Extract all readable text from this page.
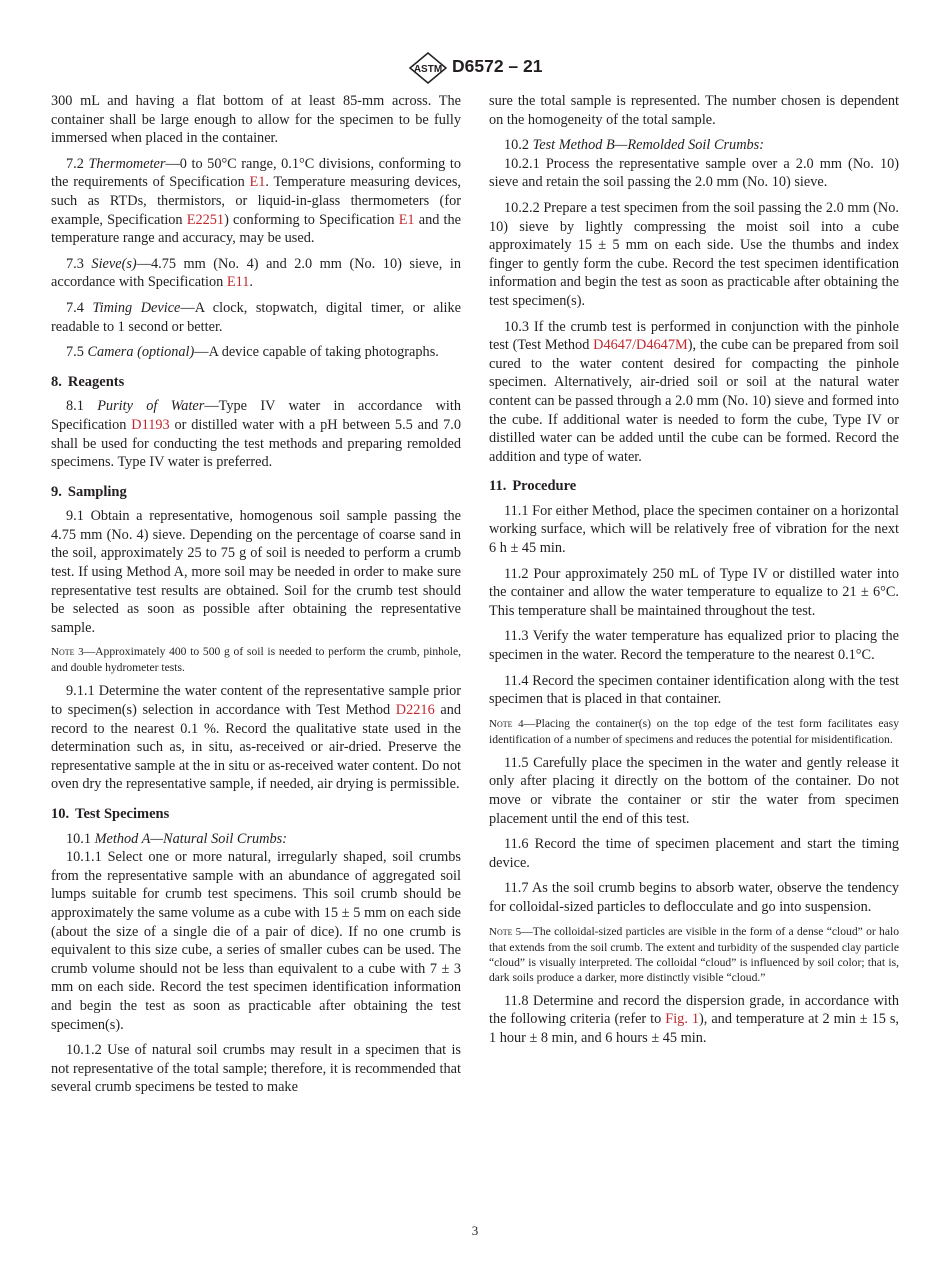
ASTM D6572 – 21

300 mL and having a flat bottom of at least 85-mm across. The container shall be large enough to allow for the specimen to be fully immersed when placed in the container.

7.2 Thermometer—0 to 50°C range, 0.1°C divisions, conforming to the requirements of Specification E1. Temperature measuring devices, such as RTDs, thermistors, or liquid-in-glass thermometers (for example, Specification E2251) conforming to Specification E1 and the temperature range and accuracy, may be used.

7.3 Sieve(s)—4.75 mm (No. 4) and 2.0 mm (No. 10) sieve, in accordance with Specification E11.

7.4 Timing Device—A clock, stopwatch, digital timer, or alike readable to 1 second or better.

7.5 Camera (optional)—A device capable of taking photographs.

8. Reagents

8.1 Purity of Water—Type IV water in accordance with Specification D1193 or distilled water with a pH between 5.5 and 7.0 shall be used for conducting the test methods and preparing remolded specimens. Type IV water is preferred.

9. Sampling

9.1 Obtain a representative, homogenous soil sample passing the 4.75 mm (No. 4) sieve. Depending on the percentage of coarse sand in the soil, approximately 25 to 75 g of soil is needed to perform a crumb test. If using Method A, more soil may be needed in order to make sure representative test results are obtained. Soil for the crumb test should be selected as soon as possible after obtaining the representative sample.

Note 3—Approximately 400 to 500 g of soil is needed to perform the crumb, pinhole, and double hydrometer tests.

9.1.1 Determine the water content of the representative sample prior to specimen(s) selection in accordance with Test Method D2216 and record to the nearest 0.1 %. Record the qualitative state used in the determination such as, in situ, as-received or air-dried. Preserve the representative sample at the in situ or as-received water content. Do not oven dry the representative sample, if needed, air drying is permissible.

10. Test Specimens

10.1 Method A—Natural Soil Crumbs:

10.1.1 Select one or more natural, irregularly shaped, soil crumbs from the representative sample with an abundance of aggregated soil lumps suitable for crumb test specimens. This soil crumb should be approximately the same volume as a cube with 15 ± 5 mm on each side (about the size of a single die of a pair of dice). If no one crumb is equivalent to this size cube, a series of smaller cubes can be used. The crumb volume should not be less than equivalent to a cube with 7 ± 3 mm on each side. Record the test specimen identification information and begin the test as soon as practicable after obtaining the test specimen(s).

10.1.2 Use of natural soil crumbs may result in a specimen that is not representative of the total sample; therefore, it is recommended that several crumb specimens be tested to make

sure the total sample is represented. The number chosen is dependent on the homogeneity of the total sample.

10.2 Test Method B—Remolded Soil Crumbs:

10.2.1 Process the representative sample over a 2.0 mm (No. 10) sieve and retain the soil passing the 2.0 mm (No. 10) sieve.

10.2.2 Prepare a test specimen from the soil passing the 2.0 mm (No. 10) sieve by lightly compressing the moist soil into a cube approximately 15 ± 5 mm on each side. Use the thumbs and index finger to gently form the cube. Record the test specimen identification information and begin the test as soon as practicable after obtaining the test specimen(s).

10.3 If the crumb test is performed in conjunction with the pinhole test (Test Method D4647/D4647M), the cube can be prepared from soil cured to the water content desired for compacting the pinhole specimen. Alternatively, air-dried soil or soil at the natural water content can be passed through a 2.0 mm (No. 10) sieve and formed into the cube. If additional water is needed to form the cube, Type IV or distilled water can be added until the cube can be formed. Record the addition and type of water.

11. Procedure

11.1 For either Method, place the specimen container on a horizontal working surface, which will be relatively free of vibration for the next 6 h ± 45 min.

11.2 Pour approximately 250 mL of Type IV or distilled water into the container and allow the water temperature to equalize to 21 ± 6°C. This temperature shall be maintained throughout the test.

11.3 Verify the water temperature has equalized prior to placing the specimen in the water. Record the temperature to the nearest 0.1°C.

11.4 Record the specimen container identification along with the test specimen that is placed in that container.

Note 4—Placing the container(s) on the top edge of the test form facilitates easy identification of a number of specimens and reduces the potential for misidentification.

11.5 Carefully place the specimen in the water and gently release it only after placing it directly on the bottom of the container. Do not move or vibrate the container or stir the water from specimen placement until the end of this test.

11.6 Record the time of specimen placement and start the timing device.

11.7 As the soil crumb begins to absorb water, observe the tendency for colloidal-sized particles to deflocculate and go into suspension.

Note 5—The colloidal-sized particles are visible in the form of a dense “cloud” or halo that extends from the soil crumb. The extent and turbidity of the suspended clay particle “cloud” is visually interpreted. The colloidal “cloud” is influenced by soil color; that is, dark soils produce a darker, more distinctly visible “cloud.”

11.8 Determine and record the dispersion grade, in accordance with the following criteria (refer to Fig. 1), and temperature at 2 min ± 15 s, 1 hour ± 8 min, and 6 hours ± 45 min.

3
